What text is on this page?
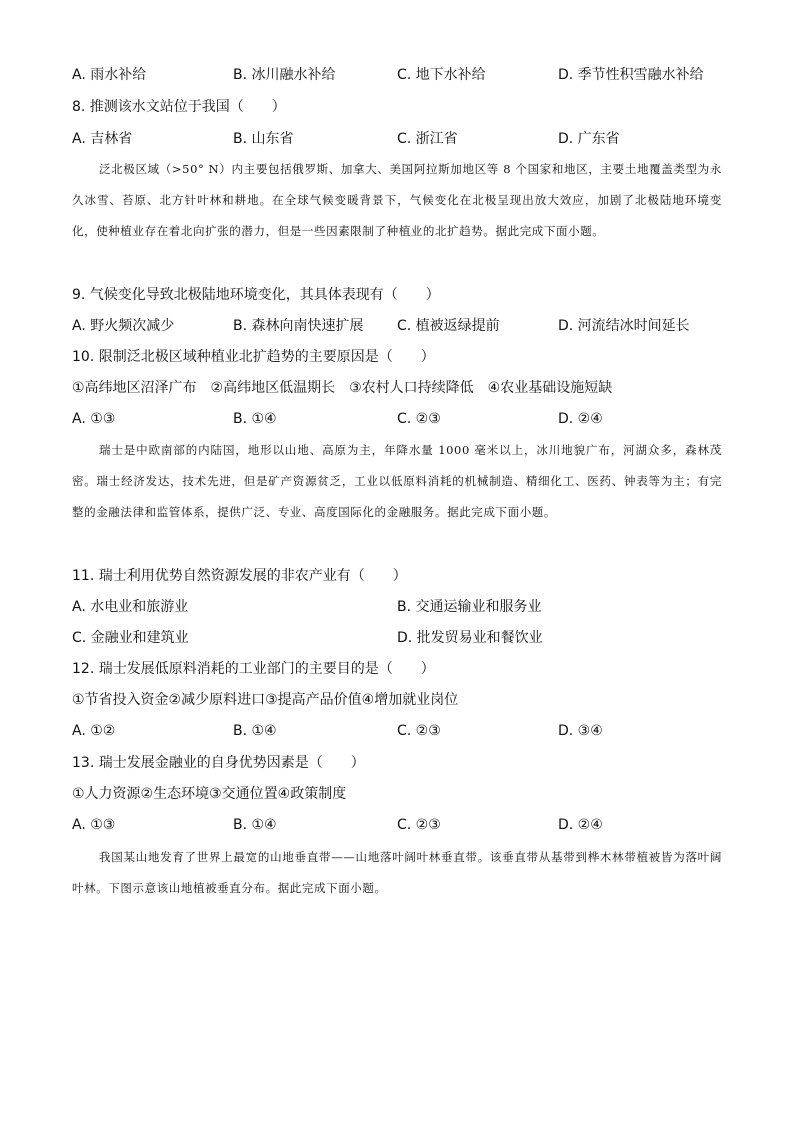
A. 雨水补给	B. 冰川融水补给	C. 地下水补给	D. 季节性积雪融水补给
8. 推测该水文站位于我国（　　）
A. 吉林省	B. 山东省	C. 浙江省	D. 广东省
泛北极区域（>50° N）内主要包括俄罗斯、加拿大、美国阿拉斯加地区等 8 个国家和地区，主要土地覆盖类型为永久冰雪、苔原、北方针叶林和耕地。在全球气候变暖背景下，气候变化在北极呈现出放大效应，加剧了北极陆地环境变化，使种植业存在着北向扩张的潜力，但是一些因素限制了种植业的北扩趋势。据此完成下面小题。
9. 气候变化导致北极陆地环境变化，其具体表现有（　　）
A. 野火频次减少	B. 森林向南快速扩展 C. 植被返绿提前	D. 河流结冰时间延长
10. 限制泛北极区域种植业北扩趋势的主要原因是（　　）
①高纬地区沼泽广布　②高纬地区低温期长　③农村人口持续降低　④农业基础设施短缺
A. ①③	B. ①④	C. ②③	D. ②④
瑞士是中欧南部的内陆国，地形以山地、高原为主，年降水量 1000 毫米以上，冰川地貌广布，河湖众多，森林茂密。瑞士经济发达，技术先进，但是矿产资源贫乏，工业以低原料消耗的机械制造、精细化工、医药、钟表等为主；有完整的金融法律和监管体系，提供广泛、专业、高度国际化的金融服务。据此完成下面小题。
11. 瑞士利用优势自然资源发展的非农产业有（　　）
A. 水电业和旅游业	B. 交通运输业和服务业
C. 金融业和建筑业	D. 批发贸易业和餐饮业
12. 瑞士发展低原料消耗的工业部门的主要目的是（　　）
①节省投入资金②减少原料进口③提高产品价值④增加就业岗位
A. ①②	B. ①④	C. ②③	D. ③④
13. 瑞士发展金融业的自身优势因素是（　　）
①人力资源②生态环境③交通位置④政策制度
A. ①③	B. ①④	C. ②③	D. ②④
我国某山地发育了世界上最宽的山地垂直带——山地落叶阔叶林垂直带。该垂直带从基带到桦木林带植被皆为落叶阔叶林。下图示意该山地植被垂直分布。据此完成下面小题。
